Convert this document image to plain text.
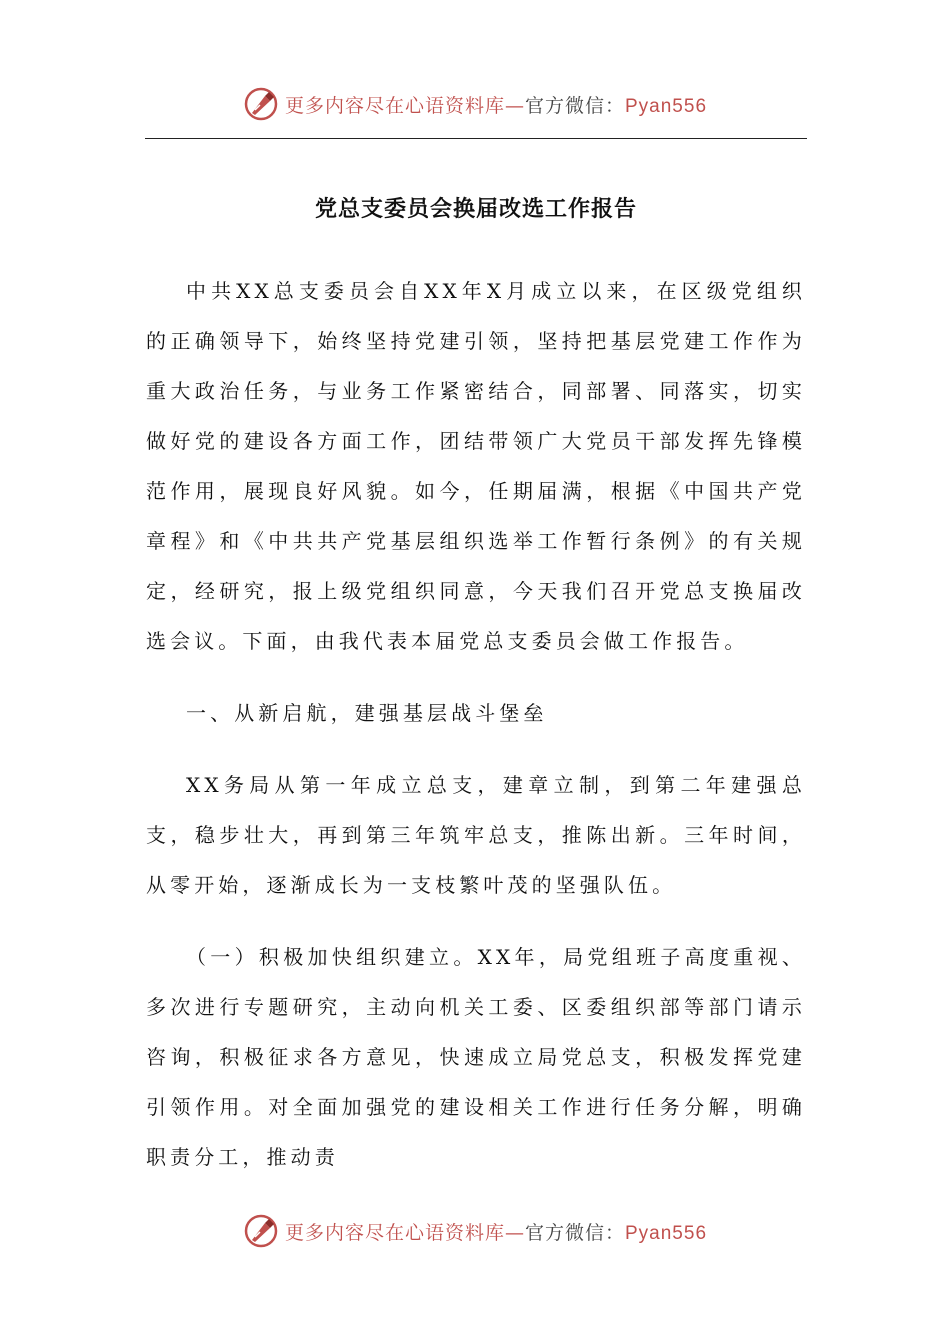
更多内容尽在心语资料库—官方微信：Pyan556
党总支委员会换届改选工作报告

中共XX总支委员会自XX年X月成立以来，在区级党组织的正确领导下，始终坚持党建引领，坚持把基层党建工作作为重大政治任务，与业务工作紧密结合，同部署、同落实，切实做好党的建设各方面工作，团结带领广大党员干部发挥先锋模范作用，展现良好风貌。如今，任期届满，根据《中国共产党章程》和《中共共产党基层组织选举工作暂行条例》的有关规定，经研究，报上级党组织同意，今天我们召开党总支换届改选会议。下面，由我代表本届党总支委员会做工作报告。

一、从新启航，建强基层战斗堡垒

XX务局从第一年成立总支，建章立制，到第二年建强总支，稳步壮大，再到第三年筑牢总支，推陈出新。三年时间，从零开始，逐渐成长为一支枝繁叶茂的坚强队伍。

（一）积极加快组织建立。XX年，局党组班子高度重视、多次进行专题研究，主动向机关工委、区委组织部等部门请示咨询，积极征求各方意见，快速成立局党总支，积极发挥党建引领作用。对全面加强党的建设相关工作进行任务分解，明确职责分工，推动责

更多内容尽在心语资料库—官方微信：Pyan556
